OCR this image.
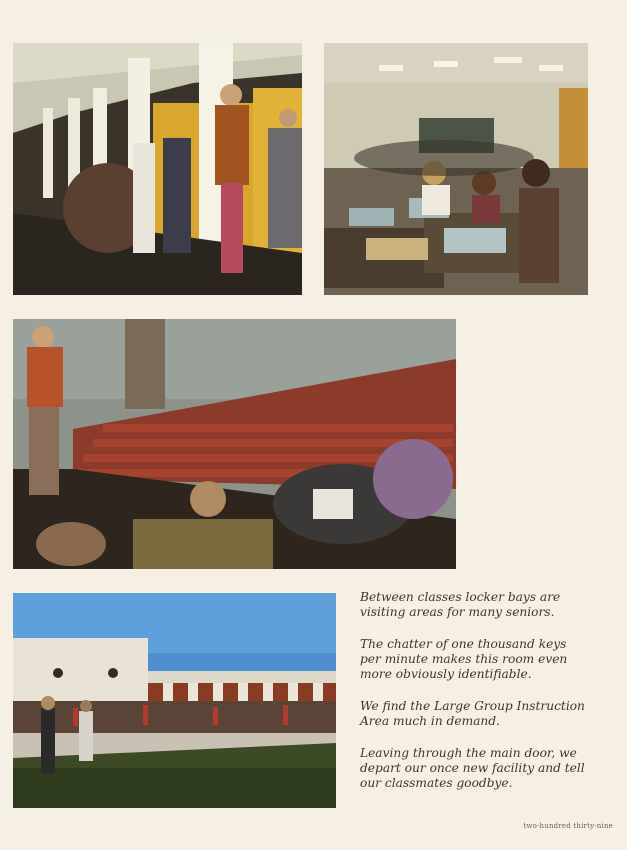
Between classes locker bays are visiting areas for many seniors.

The chatter of one thousand keys per minute makes this room even more obviously identifiable.

We find the Large Group Instruction Area much in demand.

Leaving through the main door, we depart our once new facility and tell our classmates goodbye.

two-hundred thirty-nine
